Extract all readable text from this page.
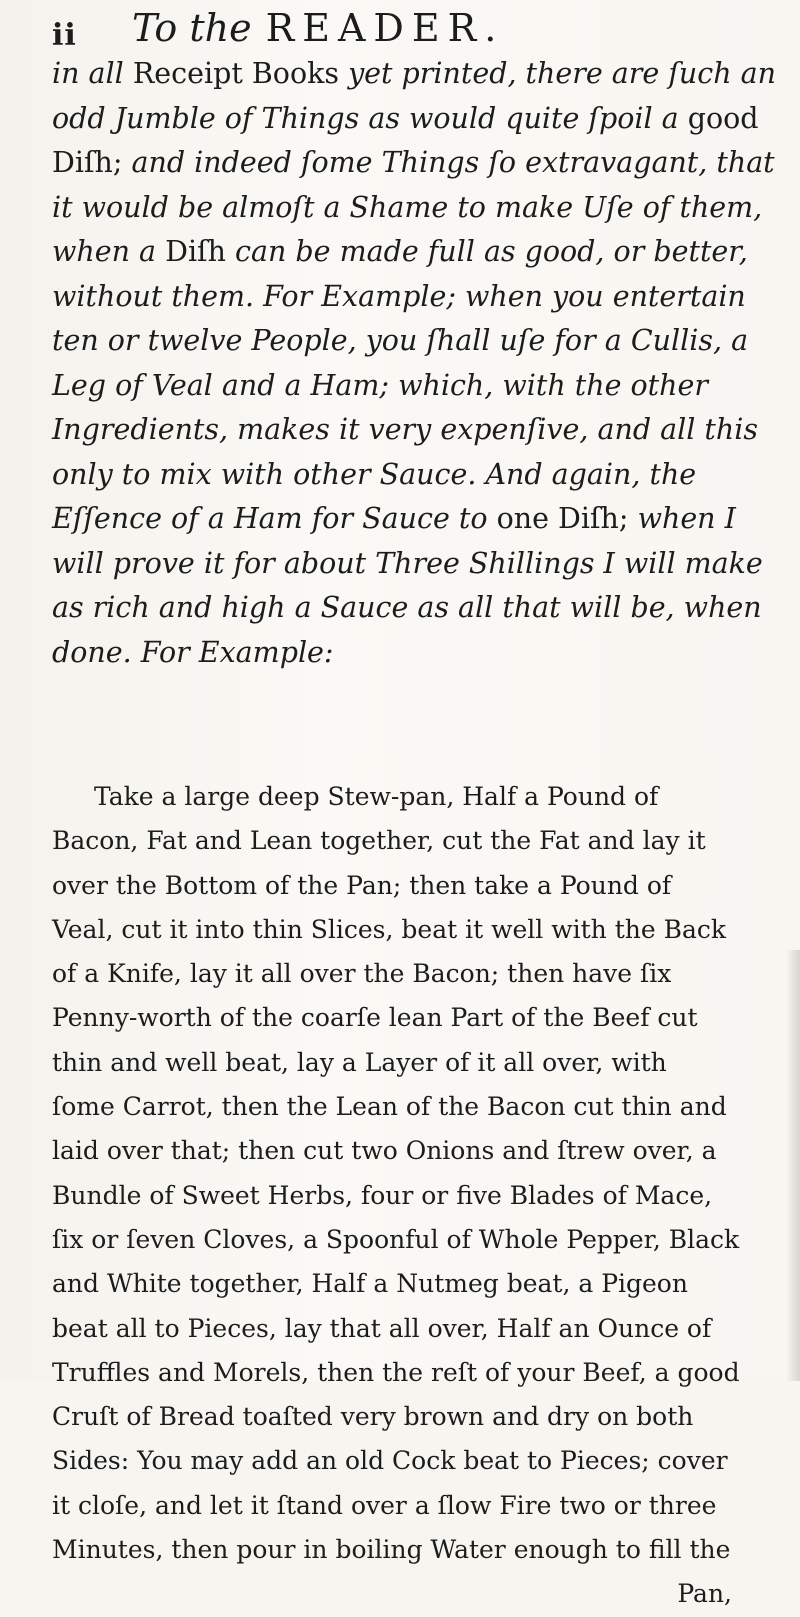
ii To the READER.
in all Receipt Books yet printed, there are ſuch an
odd Jumble of Things as would quite ſpoil a good
Diſh; and indeed ſome Things ſo extravagant, that
it would be almoſt a Shame to make Uſe of them,
when a Diſh can be made full as good, or better,
without them. For Example; when you entertain
ten or twelve People, you ſhall uſe for a Cullis, a
Leg of Veal and a Ham; which, with the other
Ingredients, makes it very expenſive, and all this
only to mix with other Sauce. And again, the
Eſſence of a Ham for Sauce to one Diſh; when I
will prove it for about Three Shillings I will make
as rich and high a Sauce as all that will be, when
done. For Example:
Take a large deep Stew-pan, Half a Pound of
Bacon, Fat and Lean together, cut the Fat and lay it
over the Bottom of the Pan; then take a Pound of
Veal, cut it into thin Slices, beat it well with the Back
of a Knife, lay it all over the Bacon; then have ſix
Penny-worth of the coarſe lean Part of the Beef cut
thin and well beat, lay a Layer of it all over, with
ſome Carrot, then the Lean of the Bacon cut thin and
laid over that; then cut two Onions and ſtrew over, a
Bundle of Sweet Herbs, four or five Blades of Mace,
ſix or ſeven Cloves, a Spoonful of Whole Pepper, Black
and White together, Half a Nutmeg beat, a Pigeon
beat all to Pieces, lay that all over, Half an Ounce of
Truffles and Morels, then the reſt of your Beef, a good
Cruſt of Bread toaſted very brown and dry on both
Sides: You may add an old Cock beat to Pieces; cover
it cloſe, and let it ſtand over a ſlow Fire two or three
Minutes, then pour in boiling Water enough to fill the
Pan,
